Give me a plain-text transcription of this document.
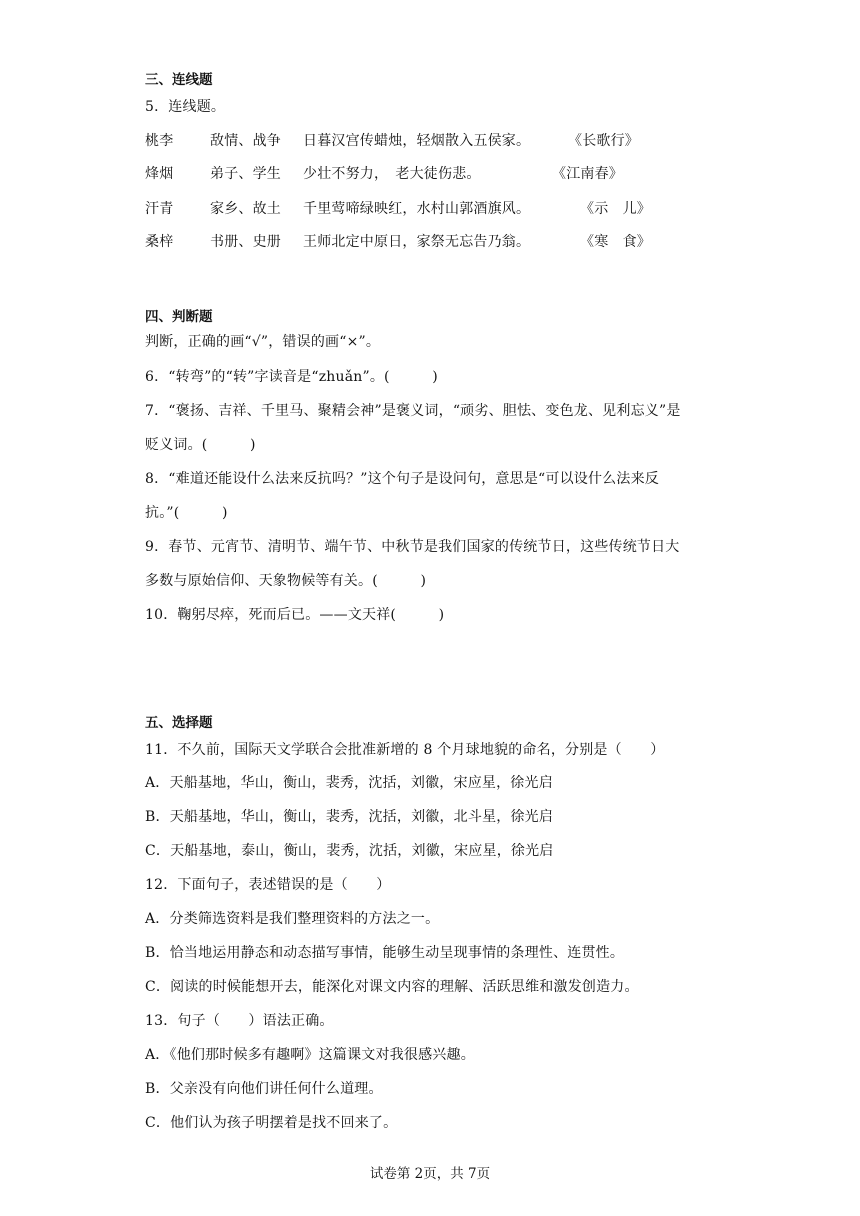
三、连线题
5．连线题。
桃李	敌情、战争 日暮汉宫传蜡烛，轻烟散入五侯家。	《长歌行》
烽烟	弟子、学生 少壮不努力，　老大徒伤悲。	《江南春》
汗青	家乡、故土 千里莺啼绿映红，水村山郭酒旗风。	《示　儿》
桑梓	书册、史册 王师北定中原日，家祭无忘告乃翁。	《寒　食》
四、判断题
判断，正确的画“√”，错误的画“×”。
6．“转弯”的“转”字读音是“zhuǎn”。(　　　)
7．“褒扬、吉祥、千里马、聚精会神”是褒义词，“顽劣、胆怯、变色龙、见利忘义”是
贬义词。(　　　)
8．“难道还能设什么法来反抗吗？”这个句子是设问句，意思是“可以设什么法来反
抗。”(　　　)
9．春节、元宵节、清明节、端午节、中秋节是我们国家的传统节日，这些传统节日大
多数与原始信仰、天象物候等有关。(　　　)
10．鞠躬尽瘁，死而后已。——文天祥(　　　)
五、选择题
11．不久前，国际天文学联合会批准新增的 8 个月球地貌的命名，分别是（　　）
A．天船基地，华山，衡山，裴秀，沈括，刘徽，宋应星，徐光启
B．天船基地，华山，衡山，裴秀，沈括，刘徽，北斗星，徐光启
C．天船基地，泰山，衡山，裴秀，沈括，刘徽，宋应星，徐光启
12．下面句子，表述错误的是（　　）
A．分类筛选资料是我们整理资料的方法之一。
B．恰当地运用静态和动态描写事情，能够生动呈现事情的条理性、连贯性。
C．阅读的时候能想开去，能深化对课文内容的理解、活跃思维和激发创造力。
13．句子（　　）语法正确。
A．《他们那时候多有趣啊》这篇课文对我很感兴趣。
B．父亲没有向他们讲任何什么道理。
C．他们认为孩子明摆着是找不回来了。
试卷第 2页，共 7页
